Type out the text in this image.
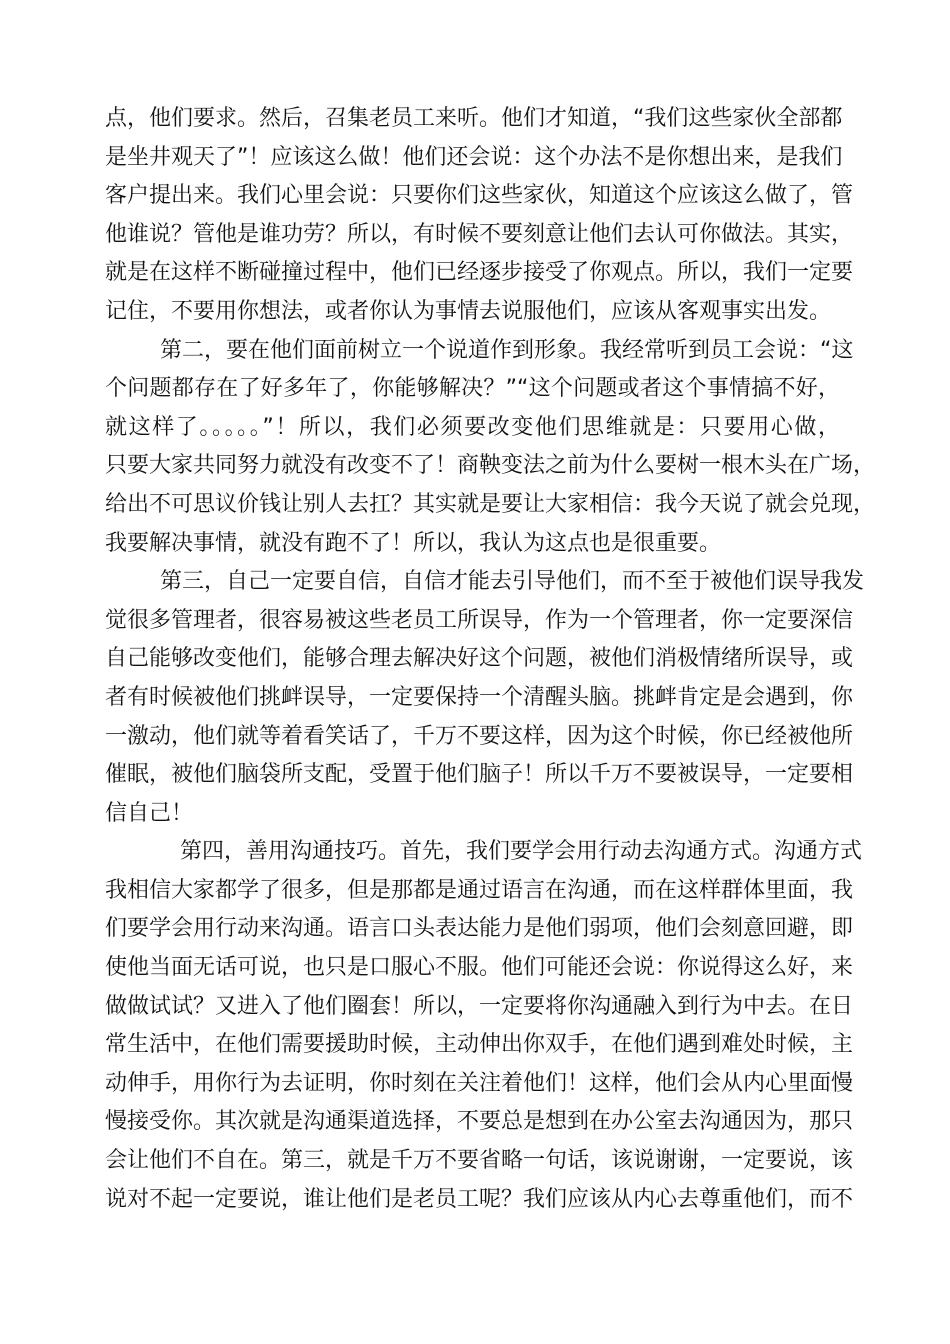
点，他们要求。然后，召集老员工来听。他们才知道，“我们这些家伙全部都
是坐井观天了”！应该这么做！他们还会说：这个办法不是你想出来，是我们
客户提出来。我们心里会说：只要你们这些家伙，知道这个应该这么做了，管
他谁说？管他是谁功劳？所以，有时候不要刻意让他们去认可你做法。其实，
就是在这样不断碰撞过程中，他们已经逐步接受了你观点。所以，我们一定要
记住，不要用你想法，或者你认为事情去说服他们，应该从客观事实出发。
第二，要在他们面前树立一个说道作到形象。我经常听到员工会说：“这
个问题都存在了好多年了，你能够解决？”“这个问题或者这个事情搞不好，
就这样了。。。。。”！所以，我们必须要改变他们思维就是：只要用心做，
只要大家共同努力就没有改变不了！商鞅变法之前为什么要树一根木头在广场，
给出不可思议价钱让别人去扛？其实就是要让大家相信：我今天说了就会兑现，
我要解决事情，就没有跑不了！所以，我认为这点也是很重要。
第三，自己一定要自信，自信才能去引导他们，而不至于被他们误导我发
觉很多管理者，很容易被这些老员工所误导，作为一个管理者，你一定要深信
自己能够改变他们，能够合理去解决好这个问题，被他们消极情绪所误导，或
者有时候被他们挑衅误导，一定要保持一个清醒头脑。挑衅肯定是会遇到，你
一激动，他们就等着看笑话了，千万不要这样，因为这个时候，你已经被他所
催眠，被他们脑袋所支配，受置于他们脑子！所以千万不要被误导，一定要相
信自己！
第四，善用沟通技巧。首先，我们要学会用行动去沟通方式。沟通方式
我相信大家都学了很多，但是那都是通过语言在沟通，而在这样群体里面，我
们要学会用行动来沟通。语言口头表达能力是他们弱项，他们会刻意回避，即
使他当面无话可说，也只是口服心不服。他们可能还会说：你说得这么好，来
做做试试？又进入了他们圈套！所以，一定要将你沟通融入到行为中去。在日
常生活中，在他们需要援助时候，主动伸出你双手，在他们遇到难处时候，主
动伸手，用你行为去证明，你时刻在关注着他们！这样，他们会从内心里面慢
慢接受你。其次就是沟通渠道选择，不要总是想到在办公室去沟通因为，那只
会让他们不自在。第三，就是千万不要省略一句话，该说谢谢，一定要说，该
说对不起一定要说，谁让他们是老员工呢？我们应该从内心去尊重他们，而不
